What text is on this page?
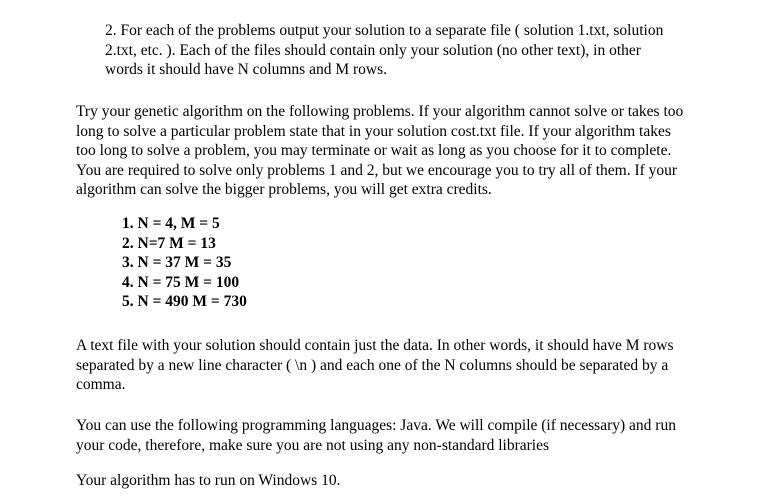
2. For each of the problems output your solution to a separate file ( solution 1.txt, solution
2.txt, etc. ). Each of the files should contain only your solution (no other text), in other
words it should have N columns and M rows.
Try your genetic algorithm on the following problems. If your algorithm cannot solve or takes too
long to solve a particular problem state that in your solution cost.txt file. If your algorithm takes
too long to solve a problem, you may terminate or wait as long as you choose for it to complete.
You are required to solve only problems 1 and 2, but we encourage you to try all of them. If your
algorithm can solve the bigger problems, you will get extra credits.
1. N = 4, M = 5
2. N=7 M = 13
3. N = 37 M = 35
4. N = 75 M = 100
5. N = 490 M = 730
A text file with your solution should contain just the data. In other words, it should have M rows
separated by a new line character ( \n ) and each one of the N columns should be separated by a
comma.
You can use the following programming languages: Java. We will compile (if necessary) and run
your code, therefore, make sure you are not using any non-standard libraries
Your algorithm has to run on Windows 10.
